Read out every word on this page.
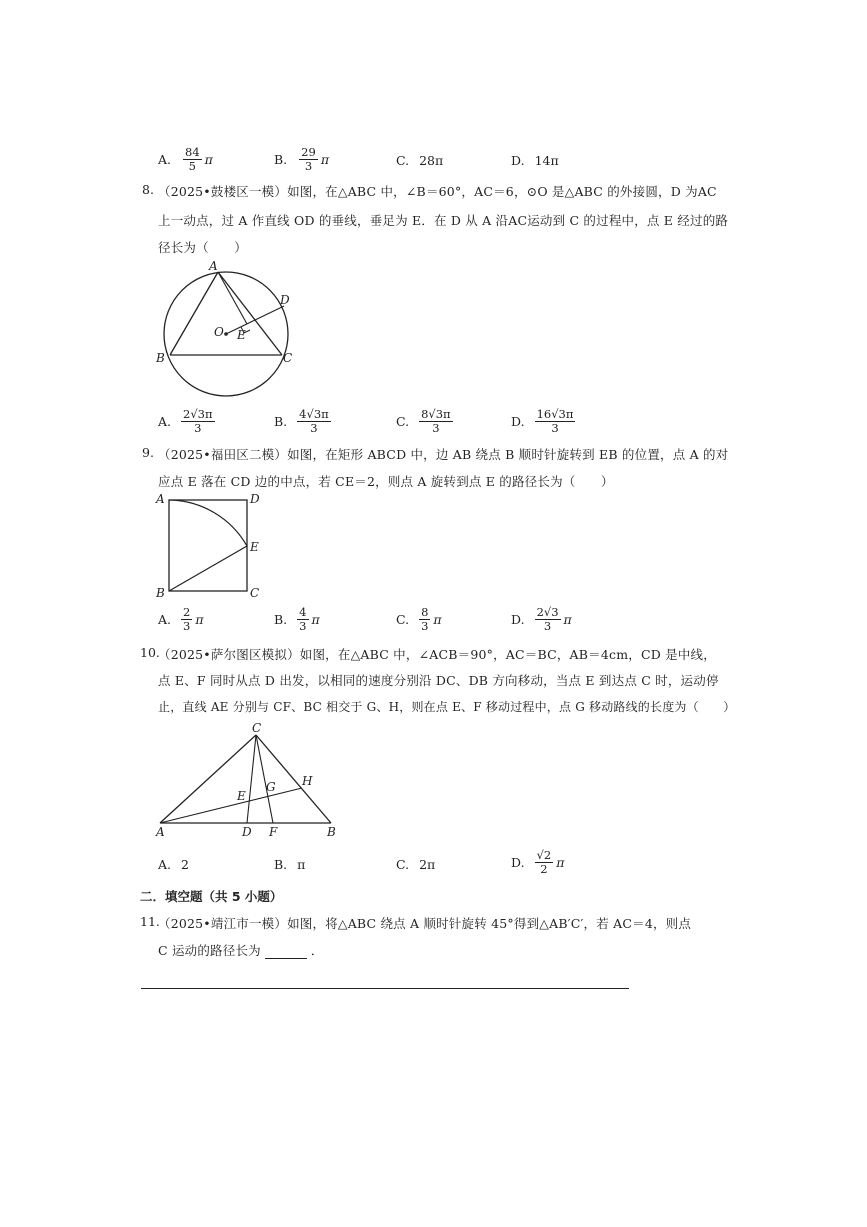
A. $\frac{84}{5}$ π	B. $\frac{29}{3}$ π	C. 28π	D. 14π
8. （2025•鼓楼区一模）如图，在△ABC 中，∠B＝60°，AC＝6，⊙O 是△ABC 的外接圆，D 为AC
上一动点，过 A 作直线 OD 的垂线，垂足为 E．在 D 从 A 沿AC运动到 C 的过程中，点 E 经过的路
径长为（　　）
A
B	C
D
O E
A. $\frac{2√3\pi}{3}$	B. $\frac{4√3\pi}{3}$	C. $\frac{8√3\pi}{3}$	D. $\frac{16√3\pi}{3}$
9. （2025•福田区二模）如图，在矩形 ABCD 中，边 AB 绕点 B 顺时针旋转到 EB 的位置，点 A 的对
应点 E 落在 CD 边的中点，若 CE＝2，则点 A 旋转到点 E 的路径长为（　　）
A	D
E
B	C
A. $\frac{2}{3}$ π	B. $\frac{4}{3}$ π	C. $\frac{8}{3}$ π	D. $\frac{2√3}{3}$ π
10.
（2025•萨尔图区模拟）如图，在△ABC 中，∠ACB＝90°，AC＝BC，AB＝4cm，CD 是中线，
点 E、F 同时从点 D 出发，以相同的速度分别沿 DC、DB 方向移动，当点 E 到达点 C 时，运动停
止，直线 AE 分别与 CF、BC 相交于 G、H，则在点 E、F 移动过程中，点 G 移动路线的长度为（　　）
C
H
G
E
A	D F	B
A. 2	B. π	C. 2π	D. $\frac{√2}{2}$ π
二．填空题（共 5 小题）
11.
（2025•靖江市一模）如图，将△ABC 绕点 A 顺时针旋转 45°得到△AB′C′，若 AC＝4，则点
C 运动的路径长为	．
